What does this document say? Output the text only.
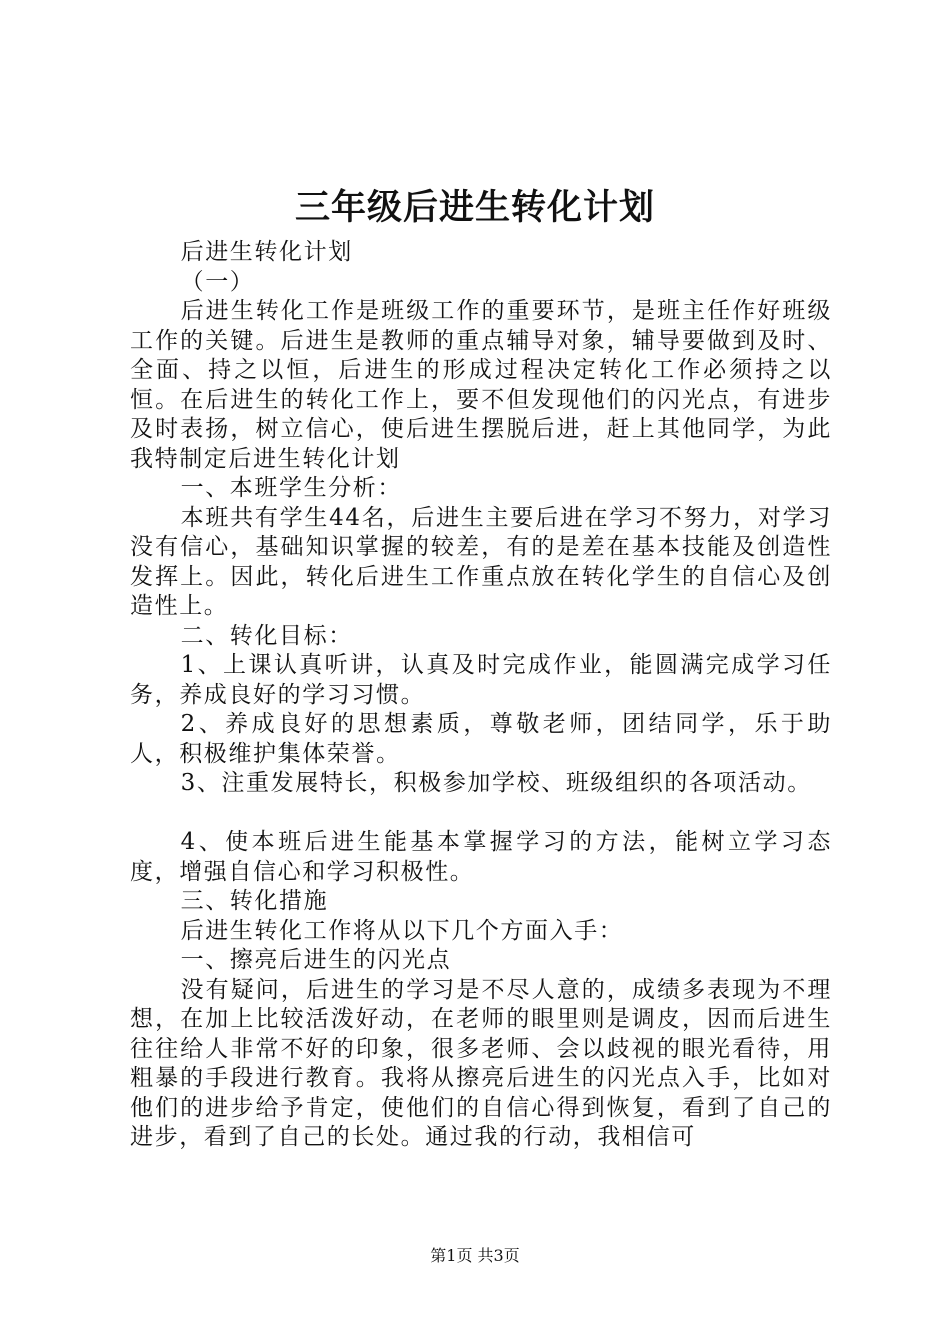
三年级后进生转化计划

后进生转化计划

（一）

后进生转化工作是班级工作的重要环节，是班主任作好班级工作的关键。后进生是教师的重点辅导对象，辅导要做到及时、全面、持之以恒，后进生的形成过程决定转化工作必须持之以恒。在后进生的转化工作上，要不但发现他们的闪光点，有进步及时表扬，树立信心，使后进生摆脱后进，赶上其他同学，为此我特制定后进生转化计划

一、本班学生分析：

本班共有学生44名，后进生主要后进在学习不努力，对学习没有信心，基础知识掌握的较差，有的是差在基本技能及创造性发挥上。因此，转化后进生工作重点放在转化学生的自信心及创造性上。

二、转化目标：

1、上课认真听讲，认真及时完成作业，能圆满完成学习任务，养成良好的学习习惯。

2、养成良好的思想素质，尊敬老师，团结同学，乐于助人，积极维护集体荣誉。

3、注重发展特长，积极参加学校、班级组织的各项活动。

4、使本班后进生能基本掌握学习的方法，能树立学习态度，增强自信心和学习积极性。

三、转化措施

后进生转化工作将从以下几个方面入手：

一、擦亮后进生的闪光点

没有疑问，后进生的学习是不尽人意的，成绩多表现为不理想，在加上比较活泼好动，在老师的眼里则是调皮，因而后进生往往给人非常不好的印象，很多老师、会以歧视的眼光看待，用粗暴的手段进行教育。我将从擦亮后进生的闪光点入手，比如对他们的进步给予肯定，使他们的自信心得到恢复，看到了自己的进步，看到了自己的长处。通过我的行动，我相信可

第1页 共3页
